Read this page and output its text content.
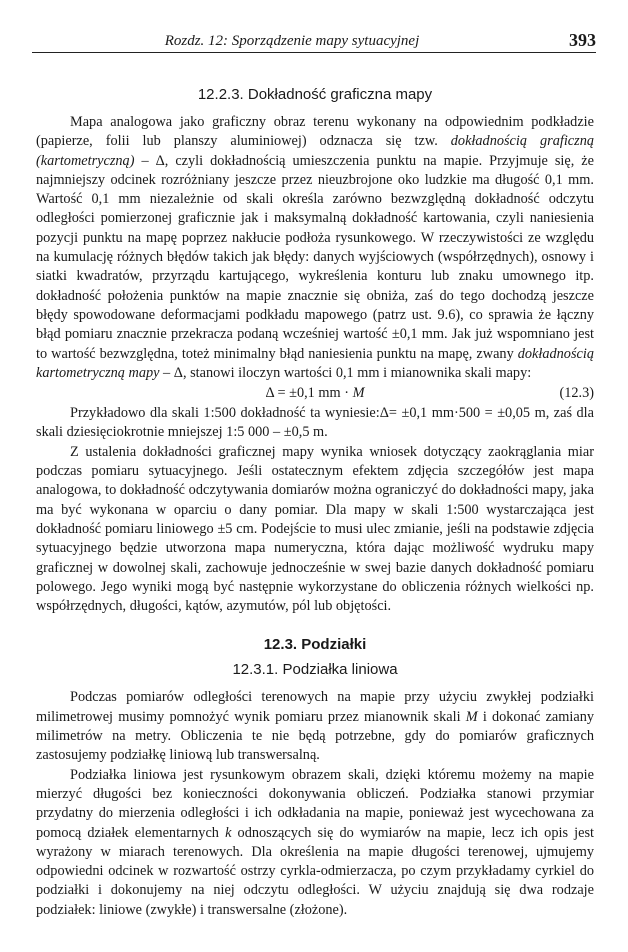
Rozdz. 12: Sporządzenie mapy sytuacyjnej	393
12.2.3. Dokładność graficzna mapy

Mapa analogowa jako graficzny obraz terenu wykonany na odpowiednim podkładzie (papierze, folii lub planszy aluminiowej) odznacza się tzw. dokładnością graficzną (kartometryczną) – Δ, czyli dokładnością umieszczenia punktu na mapie. Przyjmuje się, że najmniejszy odcinek rozróżniany jeszcze przez nieuzbrojone oko ludzkie ma długość 0,1 mm. Wartość 0,1 mm niezależnie od skali określa zarówno bezwzględną dokładność odczytu odległości pomierzonej graficznie jak i maksymalną dokładność kartowania, czyli naniesienia pozycji punktu na mapę poprzez nakłucie podłoża rysunkowego. W rzeczywistości ze względu na kumulację różnych błędów takich jak błędy: danych wyjściowych (współrzędnych), osnowy i siatki kwadratów, przyrządu kartującego, wykreślenia konturu lub znaku umownego itp. dokładność położenia punktów na mapie znacznie się obniża, zaś do tego dochodzą jeszcze błędy spowodowane deformacjami podkładu mapowego (patrz ust. 9.6), co sprawia że łączny błąd pomiaru znacznie przekracza podaną wcześniej wartość ±0,1 mm. Jak już wspomniano jest to wartość bezwzględna, toteż minimalny błąd naniesienia punktu na mapę, zwany dokładnością kartometryczną mapy – Δ, stanowi iloczyn wartości 0,1 mm i mianownika skali mapy:

Δ = ±0,1 mm · M	(12.3)

Przykładowo dla skali 1:500 dokładność ta wyniesie:Δ= ±0,1 mm·500 = ±0,05 m, zaś dla skali dziesięciokrotnie mniejszej 1:5 000 – ±0,5 m.

Z ustalenia dokładności graficznej mapy wynika wniosek dotyczący zaokrąglania miar podczas pomiaru sytuacyjnego. Jeśli ostatecznym efektem zdjęcia szczegółów jest mapa analogowa, to dokładność odczytywania domiarów można ograniczyć do dokładności mapy, jaka ma być wykonana w oparciu o dany pomiar. Dla mapy w skali 1:500 wystarczająca jest dokładność pomiaru liniowego ±5 cm. Podejście to musi ulec zmianie, jeśli na podstawie zdjęcia sytuacyjnego będzie utworzona mapa numeryczna, która dając możliwość wydruku mapy graficznej w dowolnej skali, zachowuje jednocześnie w swej bazie danych dokładność pomiaru polowego. Jego wyniki mogą być następnie wykorzystane do obliczenia różnych wielkości np. współrzędnych, długości, kątów, azymutów, pól lub objętości.

12.3. Podziałki
12.3.1. Podziałka liniowa

Podczas pomiarów odległości terenowych na mapie przy użyciu zwykłej podziałki milimetrowej musimy pomnożyć wynik pomiaru przez mianownik skali M i dokonać zamiany milimetrów na metry. Obliczenia te nie będą potrzebne, gdy do pomiarów graficznych zastosujemy podziałkę liniową lub transwersalną.

Podziałka liniowa jest rysunkowym obrazem skali, dzięki któremu możemy na mapie mierzyć długości bez konieczności dokonywania obliczeń. Podziałka stanowi przymiar przydatny do mierzenia odległości i ich odkładania na mapie, ponieważ jest wycechowana za pomocą działek elementarnych k odnoszących się do wymiarów na mapie, lecz ich opis jest wyrażony w miarach terenowych. Dla określenia na mapie długości terenowej, ujmujemy odpowiedni odcinek w rozwartość ostrzy cyrkla-odmierzacza, po czym przykładamy cyrkiel do podziałki i dokonujemy na niej odczytu odległości. W użyciu znajdują się dwa rodzaje podziałek: liniowe (zwykłe) i transwersalne (złożone).
